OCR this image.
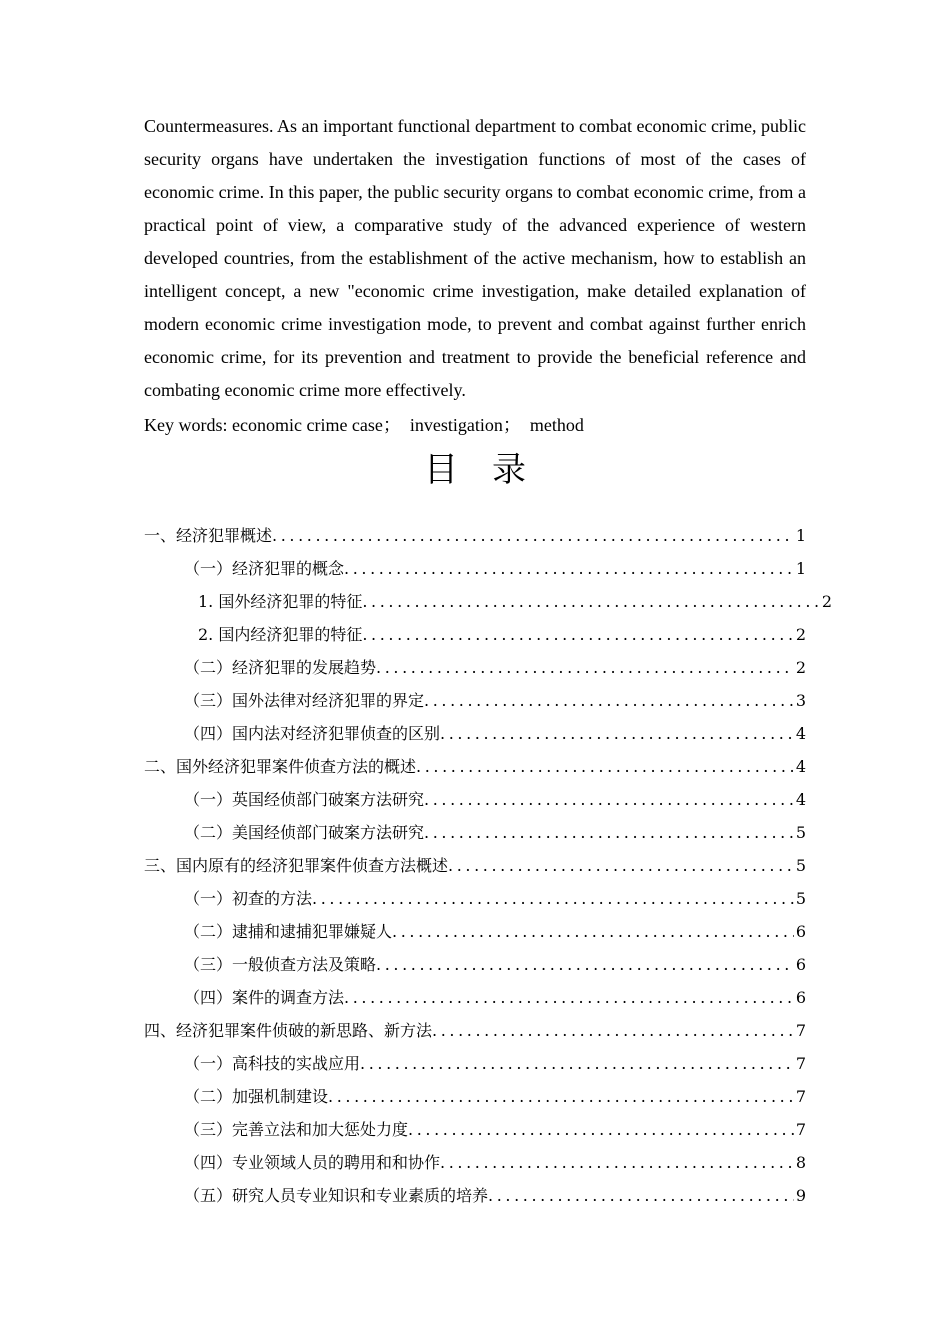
Countermeasures. As an important functional department to combat economic crime, public security organs have undertaken the investigation functions of most of the cases of economic crime. In this paper, the public security organs to combat economic crime, from a practical point of view, a comparative study of the advanced experience of western developed countries, from the establishment of the active mechanism, how to establish an intelligent concept, a new "economic crime investigation, make detailed explanation of modern economic crime investigation mode, to prevent and combat against further enrich economic crime, for its prevention and treatment to provide the beneficial reference and combating economic crime more effectively.

Key words: economic crime case；  investigation；  method
目 录
一、经济犯罪概述 .....	1
（一）经济犯罪的概念 .....	1
1. 国外经济犯罪的特征 .....	2
2. 国内经济犯罪的特征 .....	2
（二）经济犯罪的发展趋势 .....	2
（三）国外法律对经济犯罪的界定 .....	3
（四）国内法对经济犯罪侦查的区别 .....	4
二、国外经济犯罪案件侦查方法的概述 .....	4
（一）英国经侦部门破案方法研究 .....	4
（二）美国经侦部门破案方法研究 .....	5
三、国内原有的经济犯罪案件侦查方法概述 .....	5
（一）初查的方法 .....	5
（二）逮捕和逮捕犯罪嫌疑人 .....	6
（三）一般侦查方法及策略 .....	6
（四）案件的调查方法 .....	6
四、经济犯罪案件侦破的新思路、新方法 .....	7
（一）高科技的实战应用 .....	7
（二）加强机制建设 .....	7
（三）完善立法和加大惩处力度 .....	7
（四）专业领域人员的聘用和和协作 .....	8
（五）研究人员专业知识和专业素质的培养 .....	9
